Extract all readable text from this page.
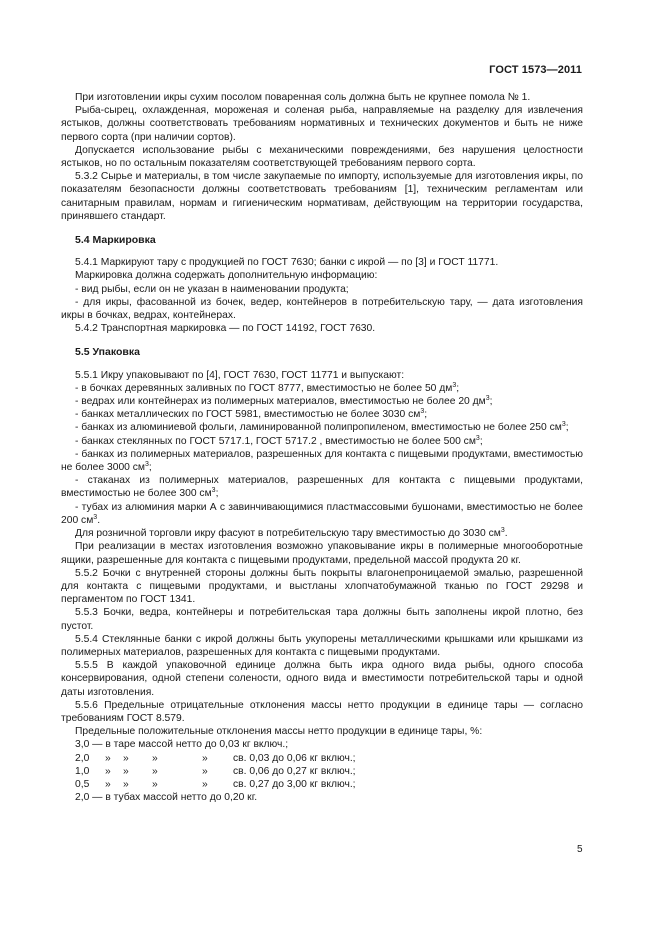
ГОСТ 1573—2011

При изготовлении икры сухим посолом поваренная соль должна быть не крупнее помола № 1.

Рыба-сырец, охлажденная, мороженая и соленая рыба, направляемые на разделку для извлечения ястыков, должны соответствовать требованиям нормативных и технических документов и быть не ниже первого сорта (при наличии сортов).

Допускается использование рыбы с механическими повреждениями, без нарушения целостности ястыков, но по остальным показателям соответствующей требованиям первого сорта.

5.3.2 Сырье и материалы, в том числе закупаемые по импорту, используемые для изготовления икры, по показателям безопасности должны соответствовать требованиям [1], техническим регламентам или санитарным правилам, нормам и гигиеническим нормативам, действующим на территории государства, принявшего стандарт.

5.4 Маркировка

5.4.1 Маркируют тару с продукцией по ГОСТ 7630; банки с икрой — по [3] и ГОСТ 11771.

Маркировка должна содержать дополнительную информацию:

- вид рыбы, если он не указан в наименовании продукта;

- для икры, фасованной из бочек, ведер, контейнеров в потребительскую тару, — дата изготовления икры в бочках, ведрах, контейнерах.

5.4.2 Транспортная маркировка — по ГОСТ 14192, ГОСТ 7630.

5.5 Упаковка

5.5.1 Икру упаковывают по [4], ГОСТ 7630, ГОСТ 11771 и выпускают:

- в бочках деревянных заливных по ГОСТ 8777, вместимостью не более 50 $дм^3$;

- ведрах или контейнерах из полимерных материалов, вместимостью не более 20 $дм^3$;

- банках металлических по ГОСТ 5981, вместимостью не более 3030 $см^3$;

- банках из алюминиевой фольги, ламинированной полипропиленом, вместимостью не более 250 $см^3$;

- банках стеклянных по ГОСТ 5717.1, ГОСТ 5717.2 , вместимостью не более 500 $см^3$;

- банках из полимерных материалов, разрешенных для контакта с пищевыми продуктами, вместимостью не более 3000 $см^3$;

- стаканах из полимерных материалов, разрешенных для контакта с пищевыми продуктами, вместимостью не более 300 $см^3$;

- тубах из алюминия марки А с завинчивающимися пластмассовыми бушонами, вместимостью не более 200 $см^3$.

Для розничной торговли икру фасуют в потребительскую тару вместимостью до 3030 $см^3$.

При реализации в местах изготовления возможно упаковывание икры в полимерные многооборотные ящики, разрешенные для контакта с пищевыми продуктами, предельной массой продукта 20 кг.

5.5.2 Бочки с внутренней стороны должны быть покрыты влагонепроницаемой эмалью, разрешенной для контакта с пищевыми продуктами, и выстланы хлопчатобумажной тканью по ГОСТ 29298 и пергаментом по ГОСТ 1341.

5.5.3 Бочки, ведра, контейнеры и потребительская тара должны быть заполнены икрой плотно, без пустот.

5.5.4 Стеклянные банки с икрой должны быть укупорены металлическими крышками или крышками из полимерных материалов, разрешенных для контакта с пищевыми продуктами.

5.5.5 В каждой упаковочной единице должна быть икра одного вида рыбы, одного способа консервирования, одной степени солености, одного вида и вместимости потребительской тары и одной даты изготовления.

5.5.6 Предельные отрицательные отклонения массы нетто продукции в единице тары — согласно требованиям ГОСТ 8.579.

Предельные положительные отклонения массы нетто продукции в единице тары, %:

3,0 — в таре массой нетто до 0,03 кг включ.;

2,0	»	»	»	»	св. 0,03 до 0,06 кг включ.;
1,0	»	»	»	»	св. 0,06 до 0,27 кг включ.;
0,5	»	»	»	»	св. 0,27 до 3,00 кг включ.;

2,0 — в тубах массой нетто до 0,20 кг.

5
